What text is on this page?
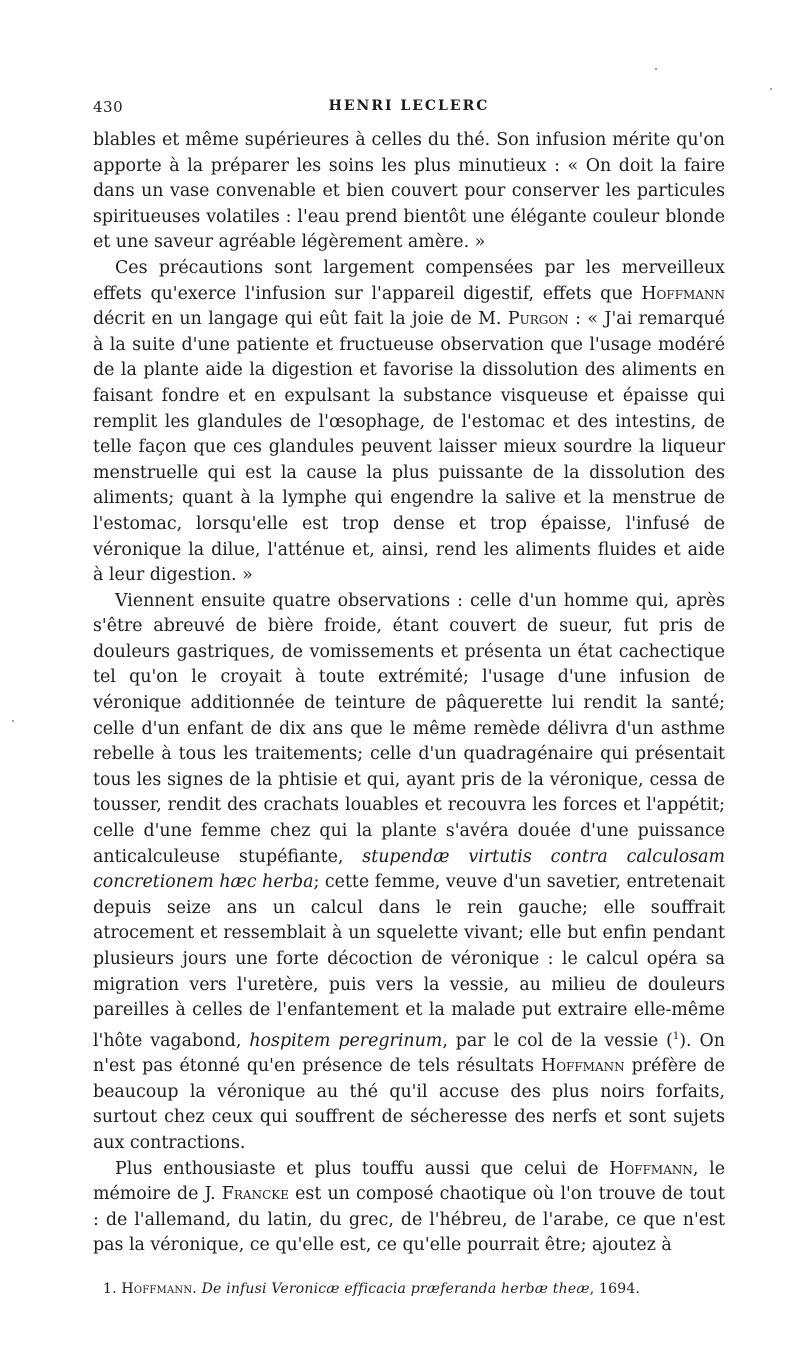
430	HENRI LECLERC

blables et même supérieures à celles du thé. Son infusion mérite qu'on apporte à la préparer les soins les plus minutieux : « On doit la faire dans un vase convenable et bien couvert pour conserver les particules spiritueuses volatiles : l'eau prend bientôt une élégante couleur blonde et une saveur agréable légèrement amère. »

Ces précautions sont largement compensées par les merveilleux effets qu'exerce l'infusion sur l'appareil digestif, effets que Hoffmann décrit en un langage qui eût fait la joie de M. Purgon : « J'ai remarqué à la suite d'une patiente et fructueuse observation que l'usage modéré de la plante aide la digestion et favorise la dissolution des aliments en faisant fondre et en expulsant la substance visqueuse et épaisse qui remplit les glandules de l'œsophage, de l'estomac et des intestins, de telle façon que ces glandules peuvent laisser mieux sourdre la liqueur menstruelle qui est la cause la plus puissante de la dissolution des aliments; quant à la lymphe qui engendre la salive et la menstrue de l'estomac, lorsqu'elle est trop dense et trop épaisse, l'infusé de véronique la dilue, l'atténue et, ainsi, rend les aliments fluides et aide à leur digestion. »

Viennent ensuite quatre observations : celle d'un homme qui, après s'être abreuvé de bière froide, étant couvert de sueur, fut pris de douleurs gastriques, de vomissements et présenta un état cachectique tel qu'on le croyait à toute extrémité; l'usage d'une infusion de véronique additionnée de teinture de pâquerette lui rendit la santé; celle d'un enfant de dix ans que le même remède délivra d'un asthme rebelle à tous les traitements; celle d'un quadragénaire qui présentait tous les signes de la phtisie et qui, ayant pris de la véronique, cessa de tousser, rendit des crachats louables et recouvra les forces et l'appétit; celle d'une femme chez qui la plante s'avéra douée d'une puissance anticalculeuse stupéfiante, stupendæ virtutis contra calculosam concretionem hæc herba; cette femme, veuve d'un savetier, entretenait depuis seize ans un calcul dans le rein gauche; elle souffrait atrocement et ressemblait à un squelette vivant; elle but enfin pendant plusieurs jours une forte décoction de véronique : le calcul opéra sa migration vers l'uretère, puis vers la vessie, au milieu de douleurs pareilles à celles de l'enfantement et la malade put extraire elle-même l'hôte vagabond, hospitem peregrinum, par le col de la vessie ($^1$). On n'est pas étonné qu'en présence de tels résultats Hoffmann préfère de beaucoup la véronique au thé qu'il accuse des plus noirs forfaits, surtout chez ceux qui souffrent de sécheresse des nerfs et sont sujets aux contractions.

Plus enthousiaste et plus touffu aussi que celui de Hoffmann, le mémoire de J. Francke est un composé chaotique où l'on trouve de tout : de l'allemand, du latin, du grec, de l'hébreu, de l'arabe, ce que n'est pas la véronique, ce qu'elle est, ce qu'elle pourrait être; ajoutez à

1. Hoffmann. De infusi Veronicæ efficacia præferanda herbæ theæ, 1694.
